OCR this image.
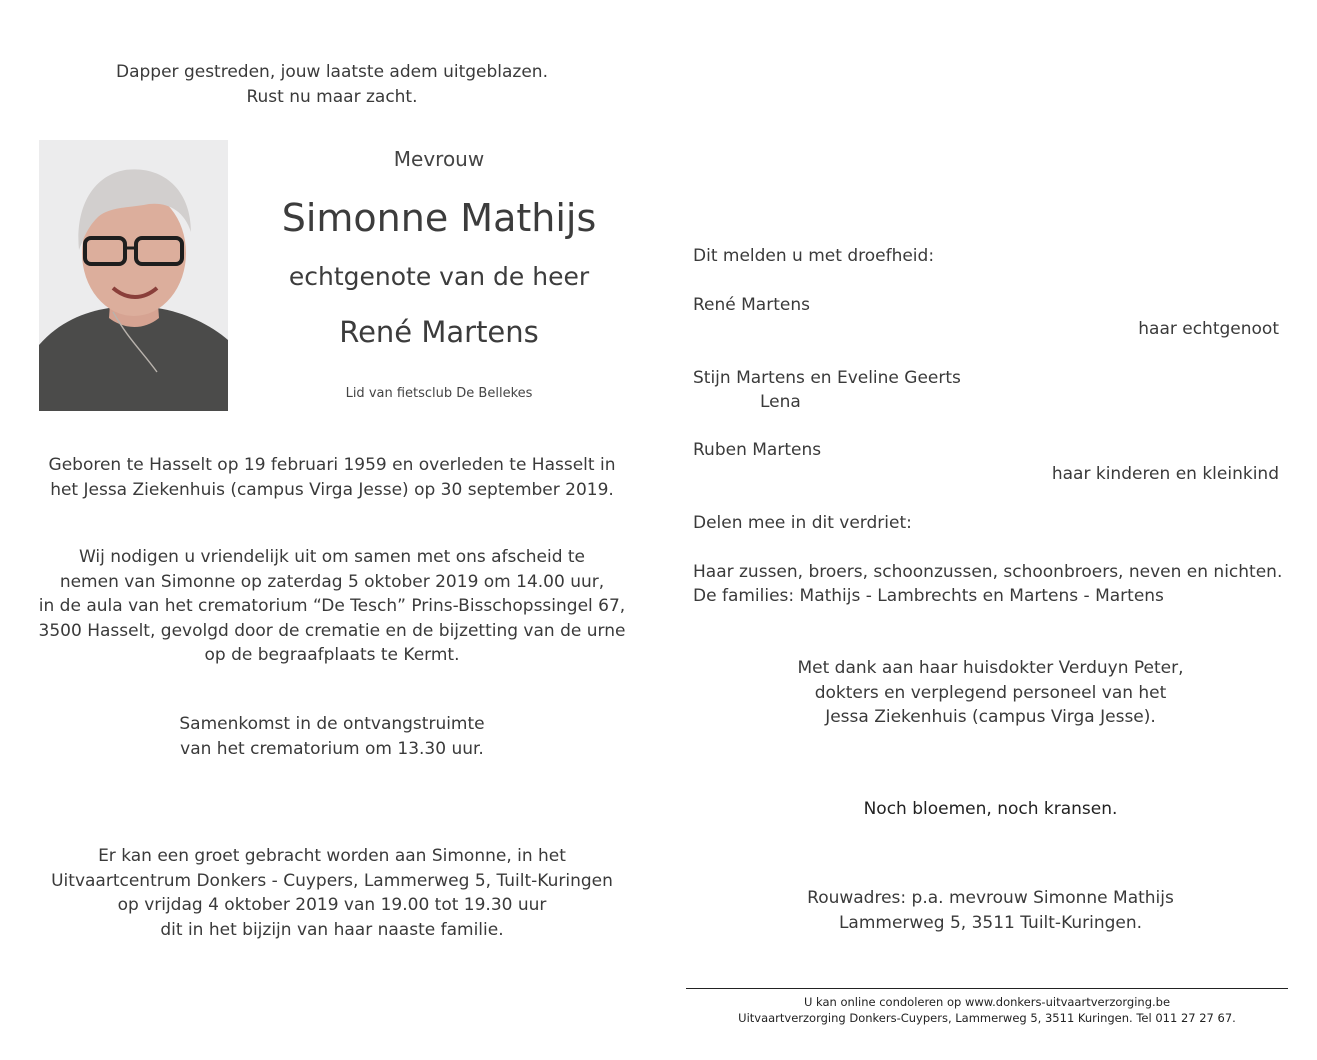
Dapper gestreden, jouw laatste adem uitgeblazen.
Rust nu maar zacht.
Mevrouw
Simonne Mathijs
echtgenote van de heer
René Martens
Lid van fietsclub De Bellekes
Geboren te Hasselt op 19 februari 1959 en overleden te Hasselt in
het Jessa Ziekenhuis (campus Virga Jesse) op 30 september 2019.
Wij nodigen u vriendelijk uit om samen met ons afscheid te
nemen van Simonne op zaterdag 5 oktober 2019 om 14.00 uur,
in de aula van het crematorium “De Tesch” Prins-Bisschopssingel 67,
3500 Hasselt, gevolgd door de crematie en de bijzetting van de urne
op de begraafplaats te Kermt.
Samenkomst in de ontvangstruimte
van het crematorium om 13.30 uur.
Er kan een groet gebracht worden aan Simonne, in het
Uitvaartcentrum Donkers - Cuypers, Lammerweg 5, Tuilt-Kuringen
op vrijdag 4 oktober 2019 van 19.00 tot 19.30 uur
dit in het bijzijn van haar naaste familie.
Dit melden u met droefheid:
René Martens
haar echtgenoot
Stijn Martens en Eveline Geerts
Lena
Ruben Martens
haar kinderen en kleinkind
Delen mee in dit verdriet:
Haar zussen, broers, schoonzussen, schoonbroers, neven en nichten.
De families: Mathijs - Lambrechts en Martens - Martens
Met dank aan haar huisdokter Verduyn Peter,
dokters en verplegend personeel van het
Jessa Ziekenhuis (campus Virga Jesse).
Noch bloemen, noch kransen.
Rouwadres: p.a. mevrouw Simonne Mathijs
Lammerweg 5, 3511 Tuilt-Kuringen.
U kan online condoleren op www.donkers-uitvaartverzorging.be
Uitvaartverzorging Donkers-Cuypers, Lammerweg 5, 3511 Kuringen. Tel 011 27 27 67.
